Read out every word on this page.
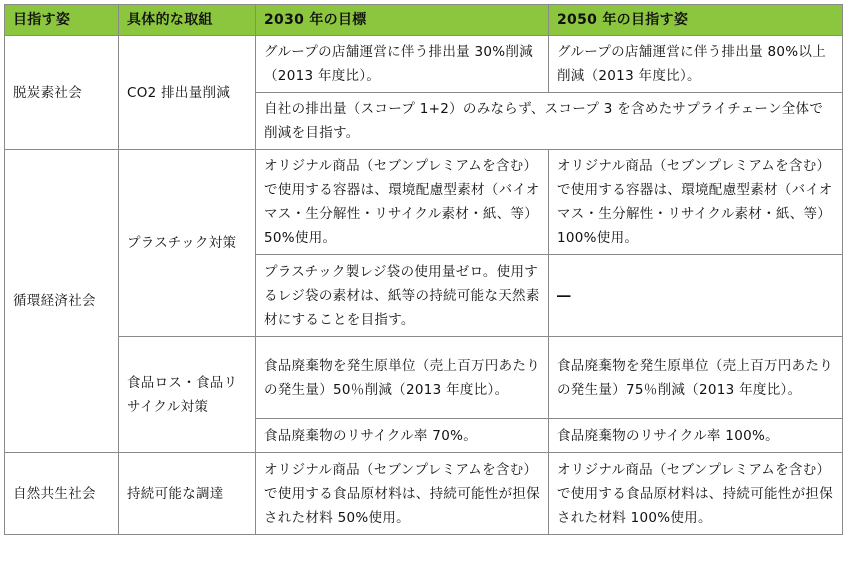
目指す姿	具体的な取組	2030 年の目標	2050 年の目指す姿
脱炭素社会	CO2 排出量削減	グループの店舗運営に伴う排出量 30%削減（2013 年度比）。	グループの店舗運営に伴う排出量 80%以上削減（2013 年度比）。
		自社の排出量（スコープ 1+2）のみならず、スコープ 3 を含めたサプライチェーン全体で削減を目指す。	
循環経済社会	プラスチック対策	オリジナル商品（セブンプレミアムを含む）で使用する容器は、環境配慮型素材（バイオマス・生分解性・リサイクル素材・紙、等）50%使用。	オリジナル商品（セブンプレミアムを含む）で使用する容器は、環境配慮型素材（バイオマス・生分解性・リサイクル素材・紙、等）100%使用。
		プラスチック製レジ袋の使用量ゼロ。使用するレジ袋の素材は、紙等の持続可能な天然素材にすることを目指す。	―
	食品ロス・食品リサイクル対策	食品廃棄物を発生原単位（売上百万円あたりの発生量）50％削減（2013 年度比）。	食品廃棄物を発生原単位（売上百万円あたりの発生量）75％削減（2013 年度比）。
		食品廃棄物のリサイクル率 70%。	食品廃棄物のリサイクル率 100%。
自然共生社会	持続可能な調達	オリジナル商品（セブンプレミアムを含む）で使用する食品原材料は、持続可能性が担保された材料 50%使用。	オリジナル商品（セブンプレミアムを含む）で使用する食品原材料は、持続可能性が担保された材料 100%使用。
